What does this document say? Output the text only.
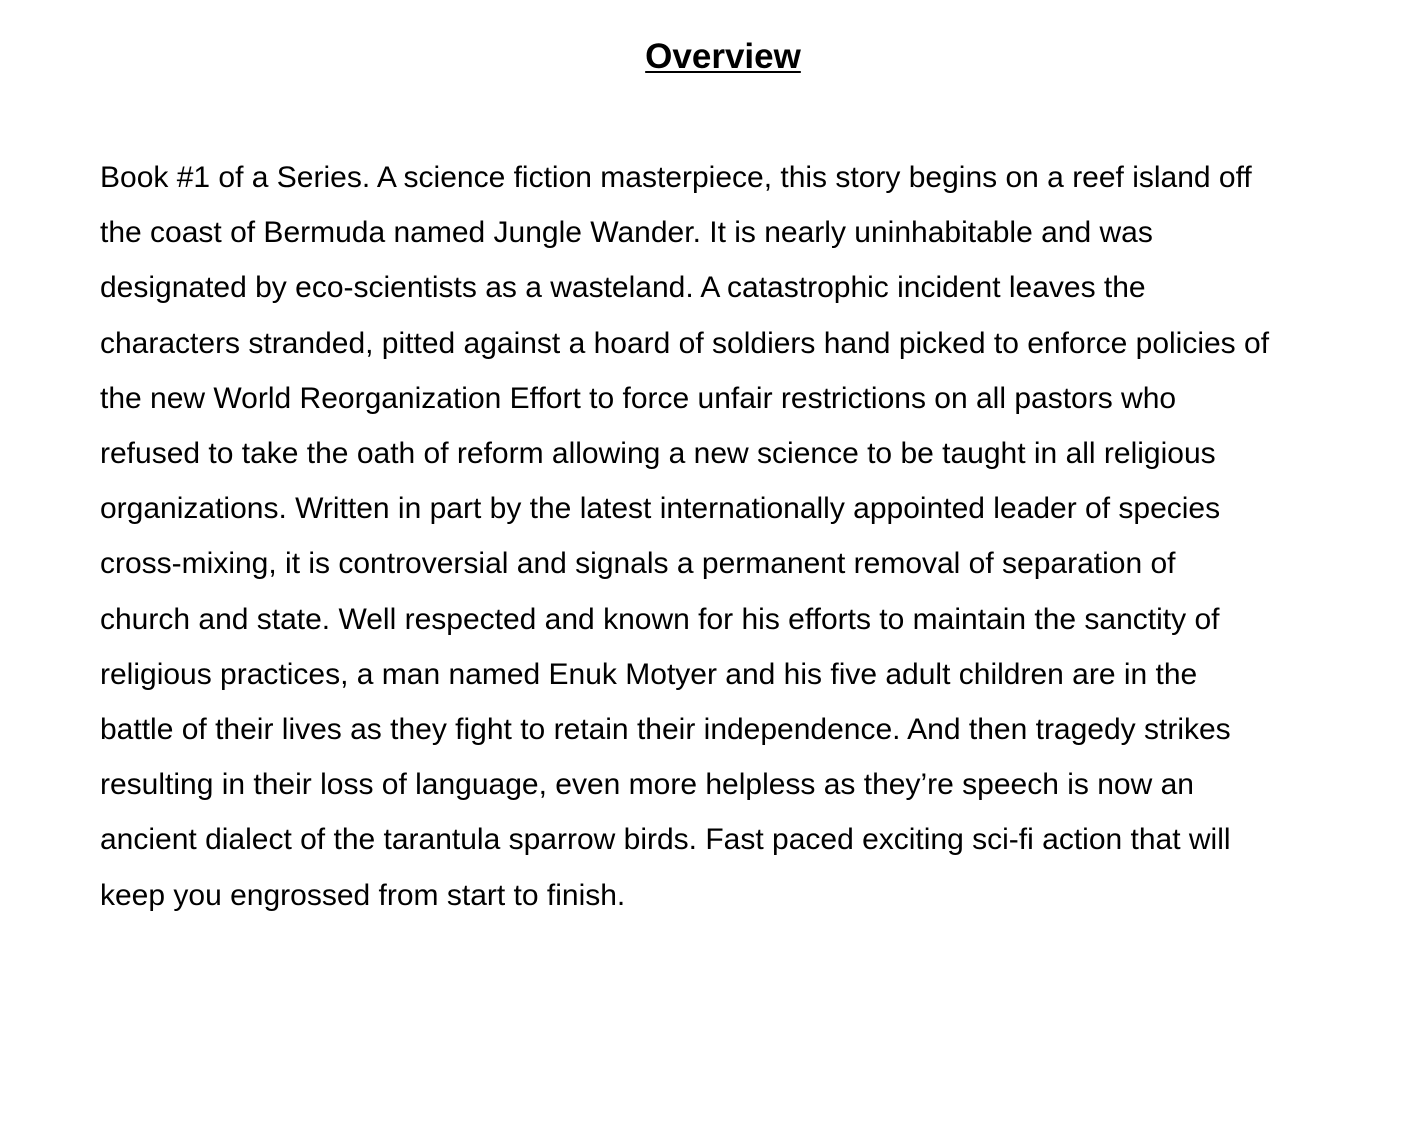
Overview
Book #1 of a Series. A science fiction masterpiece, this story begins on a reef island off
the coast of Bermuda named Jungle Wander. It is nearly uninhabitable and was
designated by eco-scientists as a wasteland. A catastrophic incident leaves the
characters stranded, pitted against a hoard of soldiers hand picked to enforce policies of
the new World Reorganization Effort to force unfair restrictions on all pastors who
refused to take the oath of reform allowing a new science to be taught in all religious
organizations. Written in part by the latest internationally appointed leader of species
cross-mixing, it is controversial and signals a permanent removal of separation of
church and state. Well respected and known for his efforts to maintain the sanctity of
religious practices, a man named Enuk Motyer and his five adult children are in the
battle of their lives as they fight to retain their independence. And then tragedy strikes
resulting in their loss of language, even more helpless as they’re speech is now an
ancient dialect of the tarantula sparrow birds. Fast paced exciting sci-fi action that will
keep you engrossed from start to finish.
